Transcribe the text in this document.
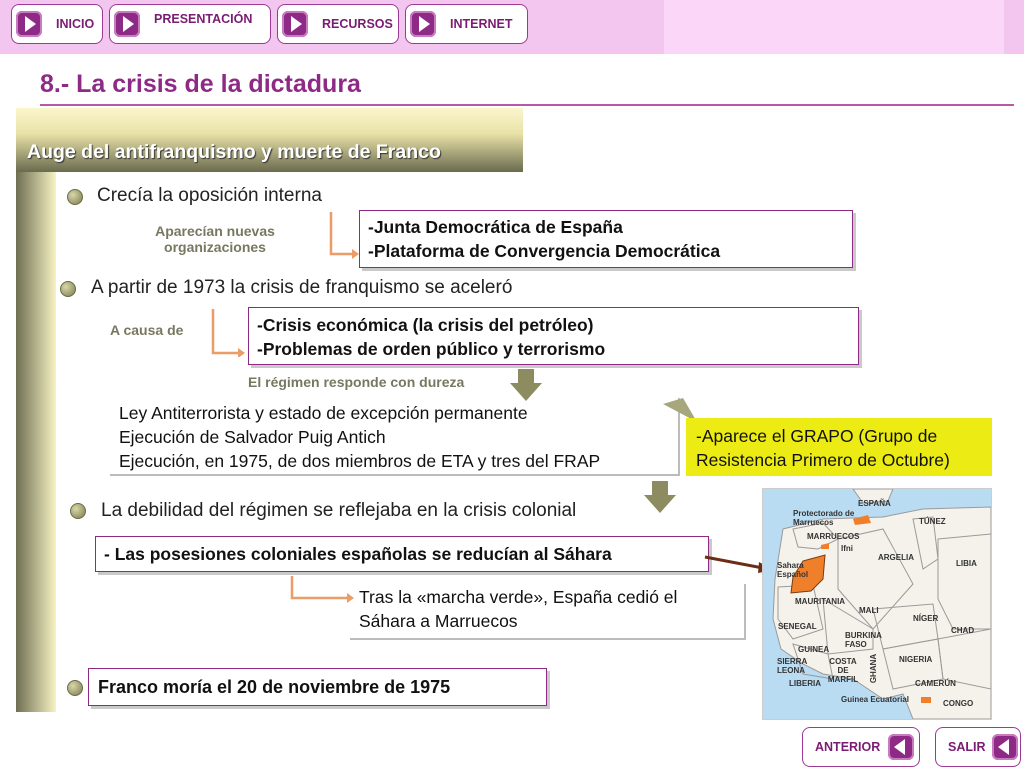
INICIO	PRESENTACIÓN	RECURSOS	INTERNET
8.- La crisis de la dictadura
Auge del antifranquismo y muerte de Franco
Crecía la oposición interna
Aparecían nuevas organizaciones
-Junta Democrática de España
-Plataforma de Convergencia Democrática
A partir de 1973 la crisis de franquismo se aceleró
A causa de	-Crisis económica (la crisis del petróleo)
-Problemas de orden público y terrorismo
El régimen responde con dureza
Ley Antiterrorista y estado de excepción permanente
Ejecución de Salvador Puig Antich
Ejecución, en 1975, de dos miembros de ETA y tres del FRAP
-Aparece el GRAPO (Grupo de
Resistencia Primero de Octubre)
La debilidad del régimen se reflejaba en la crisis colonial
- Las posesiones coloniales españolas se reducían al Sáhara
Tras la «marcha verde», España cedió el
Sáhara a Marruecos
Franco moría el 20 de noviembre de 1975
ESPAÑA
Protectorado de Marruecos
MARRUECOS
Ifni
TÚNEZ
ARGELIA
LIBIA
Sahara Español
MAURITANIA
MALI
NÍGER
SENEGAL	CHAD
GUINEA
BURKINA FASO
SIERRA LEONA
COSTA DE MARFIL GHANA	NIGERIA
LIBERIA	CAMERÚN
Guinea Ecuatorial	CONGO
ANTERIOR	SALIR
